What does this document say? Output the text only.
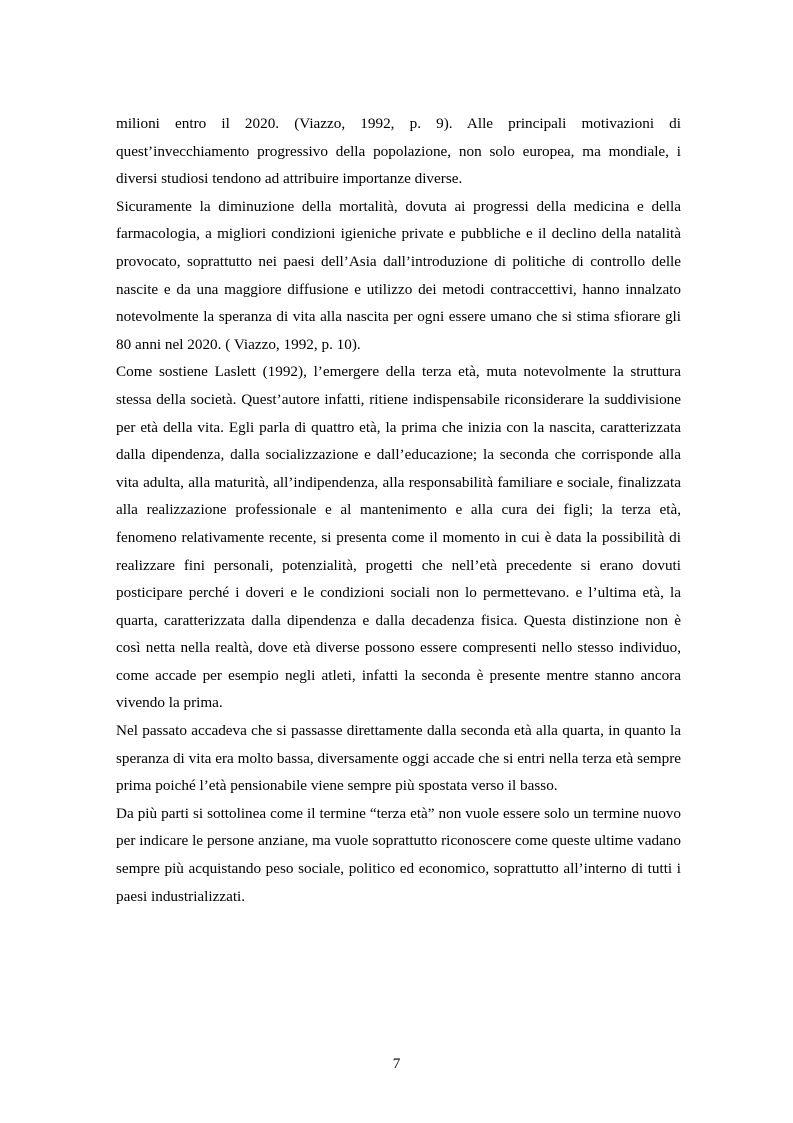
milioni entro il 2020. (Viazzo, 1992, p. 9). Alle principali motivazioni di quest’invecchiamento progressivo della popolazione, non solo europea, ma mondiale, i diversi studiosi tendono ad attribuire importanze diverse.

Sicuramente la diminuzione della mortalità, dovuta ai progressi della medicina e della farmacologia, a migliori condizioni igieniche private e pubbliche e il declino della natalità provocato, soprattutto nei paesi dell’Asia dall’introduzione di politiche di controllo delle nascite e da una maggiore diffusione e utilizzo dei metodi contraccettivi, hanno innalzato notevolmente la speranza di vita alla nascita per ogni essere umano che si stima sfiorare gli 80 anni nel 2020. ( Viazzo, 1992, p. 10).

Come sostiene Laslett (1992), l’emergere della terza età, muta notevolmente la struttura stessa della società. Quest’autore infatti, ritiene indispensabile riconsiderare la suddivisione per età della vita. Egli parla di quattro età, la prima che inizia con la nascita, caratterizzata dalla dipendenza, dalla socializzazione e dall’educazione; la seconda che corrisponde alla vita adulta, alla maturità, all’indipendenza, alla responsabilità familiare e sociale, finalizzata alla realizzazione professionale e al mantenimento e alla cura dei figli; la terza età, fenomeno relativamente recente, si presenta come il momento in cui è data la possibilità di realizzare fini personali, potenzialità, progetti che nell’età precedente si erano dovuti posticipare perché i doveri e le condizioni sociali non lo permettevano. e l’ultima età, la quarta, caratterizzata dalla dipendenza e dalla decadenza fisica. Questa distinzione non è così netta nella realtà, dove età diverse possono essere compresenti nello stesso individuo, come accade per esempio negli atleti, infatti la seconda è presente mentre stanno ancora vivendo la prima.

Nel passato accadeva che si passasse direttamente dalla seconda età alla quarta, in quanto la speranza di vita era molto bassa, diversamente oggi accade che si entri nella terza età sempre prima poiché l’età pensionabile viene sempre più spostata verso il basso.

Da più parti si sottolinea come il termine “terza età” non vuole essere solo un termine nuovo per indicare le persone anziane, ma vuole soprattutto riconoscere come queste ultime vadano sempre più acquistando peso sociale, politico ed economico, soprattutto all’interno di tutti i paesi industrializzati.

7
